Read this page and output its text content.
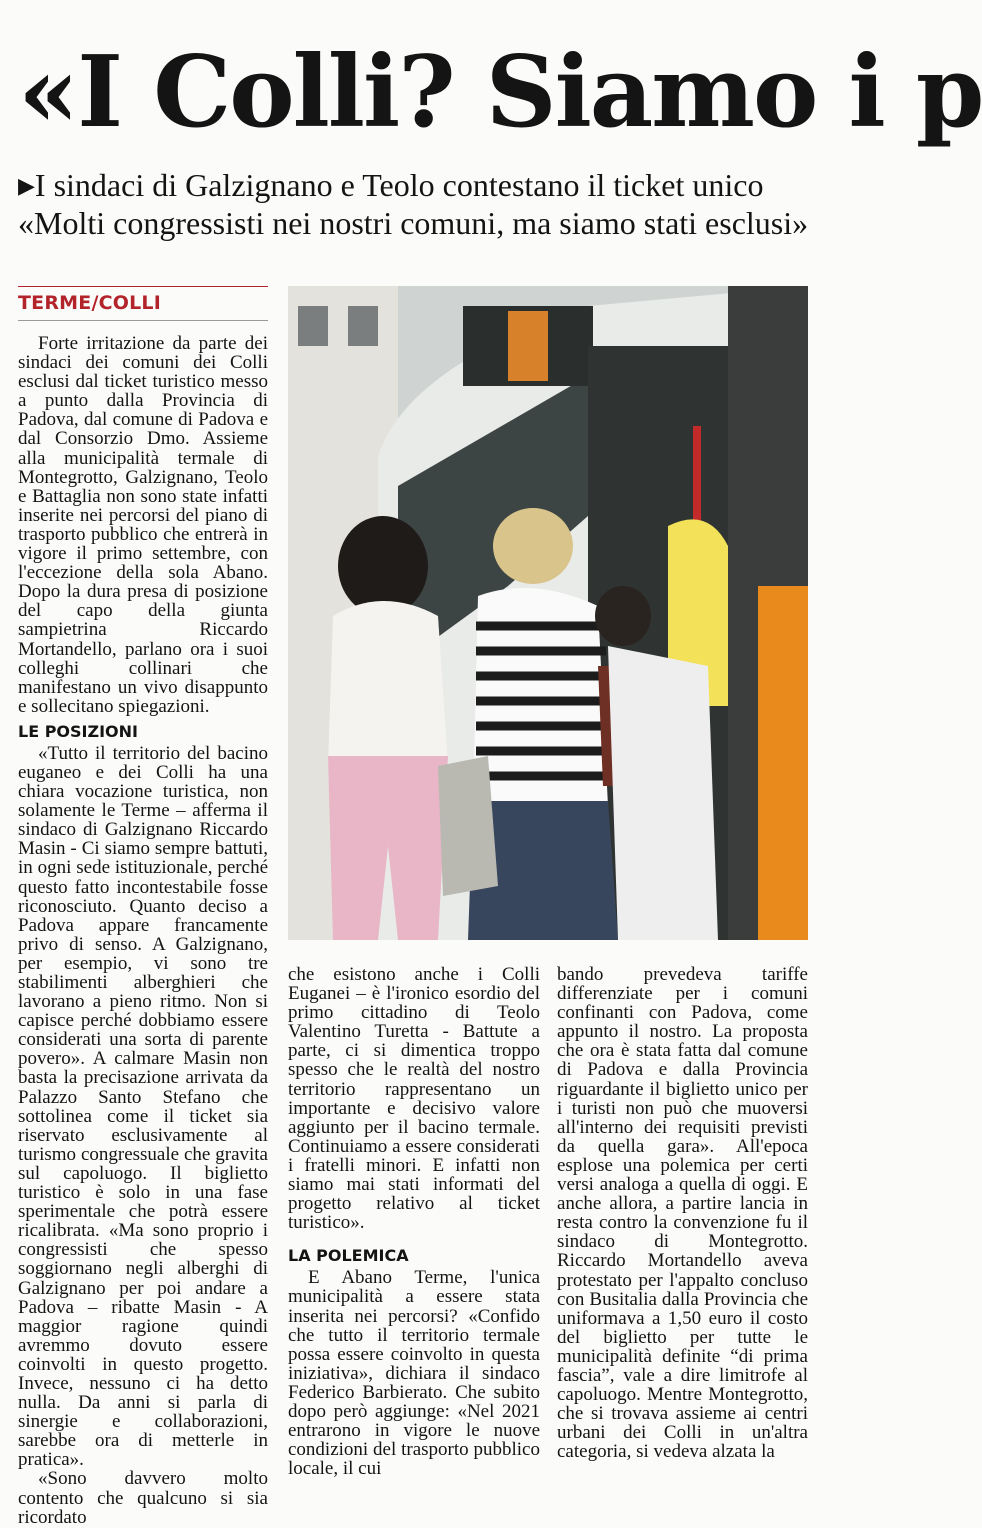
«I Colli? Siamo i p
▶I sindaci di Galzignano e Teolo contestano il ticket unico
«Molti congressisti nei nostri comuni, ma siamo stati esclusi»
TERME/COLLI

Forte irritazione da parte dei sindaci dei comuni dei Colli esclusi dal ticket turistico messo a punto dalla Provincia di Padova, dal comune di Padova e dal Consorzio Dmo. Assieme alla municipalità termale di Montegrotto, Galzignano, Teolo e Battaglia non sono state infatti inserite nei percorsi del piano di trasporto pubblico che entrerà in vigore il primo settembre, con l'eccezione della sola Abano. Dopo la dura presa di posizione del capo della giunta sampietrina Riccardo Mortandello, parlano ora i suoi colleghi collinari che manifestano un vivo disappunto e sollecitano spiegazioni.

LE POSIZIONI

«Tutto il territorio del bacino euganeo e dei Colli ha una chiara vocazione turistica, non solamente le Terme – afferma il sindaco di Galzignano Riccardo Masin - Ci siamo sempre battuti, in ogni sede istituzionale, perché questo fatto incontestabile fosse riconosciuto. Quanto deciso a Padova appare francamente privo di senso. A Galzignano, per esempio, vi sono tre stabilimenti alberghieri che lavorano a pieno ritmo. Non si capisce perché dobbiamo essere considerati una sorta di parente povero». A calmare Masin non basta la precisazione arrivata da Palazzo Santo Stefano che sottolinea come il ticket sia riservato esclusivamente al turismo congressuale che gravita sul capoluogo. Il biglietto turistico è solo in una fase sperimentale che potrà essere ricalibrata. «Ma sono proprio i congressisti che spesso soggiornano negli alberghi di Galzignano per poi andare a Padova – ribatte Masin - A maggior ragione quindi avremmo dovuto essere coinvolti in questo progetto. Invece, nessuno ci ha detto nulla. Da anni si parla di sinergie e collaborazioni, sarebbe ora di metterle in pratica».

«Sono davvero molto contento che qualcuno si sia ricordato

che esistono anche i Colli Euganei – è l'ironico esordio del primo cittadino di Teolo Valentino Turetta - Battute a parte, ci si dimentica troppo spesso che le realtà del nostro territorio rappresentano un importante e decisivo valore aggiunto per il bacino termale. Continuiamo a essere considerati i fratelli minori. E infatti non siamo mai stati informati del progetto relativo al ticket turistico».

LA POLEMICA

E Abano Terme, l'unica municipalità a essere stata inserita nei percorsi? «Confido che tutto il territorio termale possa essere coinvolto in questa iniziativa», dichiara il sindaco Federico Barbierato. Che subito dopo però aggiunge: «Nel 2021 entrarono in vigore le nuove condizioni del trasporto pubblico locale, il cui

bando prevedeva tariffe differenziate per i comuni confinanti con Padova, come appunto il nostro. La proposta che ora è stata fatta dal comune di Padova e dalla Provincia riguardante il biglietto unico per i turisti non può che muoversi all'interno dei requisiti previsti da quella gara». All'epoca esplose una polemica per certi versi analoga a quella di oggi. E anche allora, a partire lancia in resta contro la convenzione fu il sindaco di Montegrotto. Riccardo Mortandello aveva protestato per l'appalto concluso con Busitalia dalla Provincia che uniformava a 1,50 euro il costo del biglietto per tutte le municipalità definite “di prima fascia”, vale a dire limitrofe al capoluogo. Mentre Montegrotto, che si trovava assieme ai centri urbani dei Colli in un'altra categoria, si vedeva alzata la
